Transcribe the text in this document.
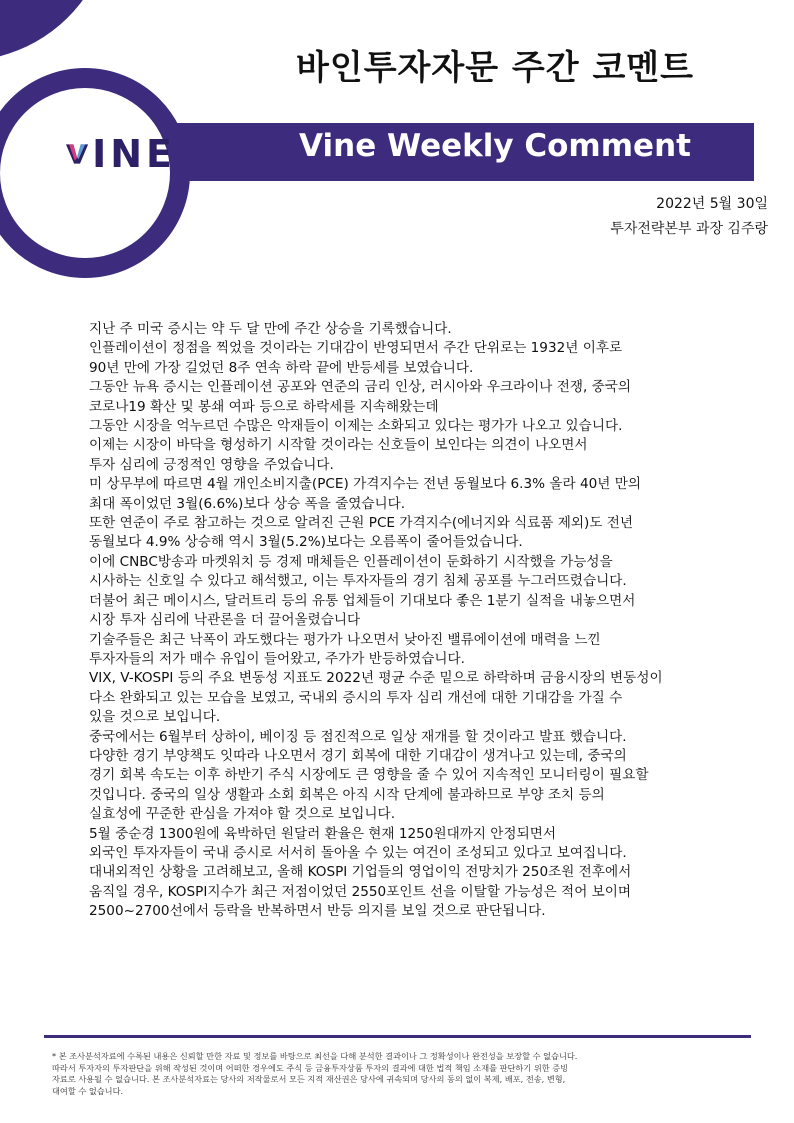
INE
바인투자자문 주간 코멘트
Vine Weekly Comment
2022년 5월 30일
투자전략본부 과장 김주랑

지난 주 미국 증시는 약 두 달 만에 주간 상승을 기록했습니다.

인플레이션이 정점을 찍었을 것이라는 기대감이 반영되면서 주간 단위로는 1932년 이후로

90년 만에 가장 길었던 8주 연속 하락 끝에 반등세를 보였습니다.

그동안 뉴욕 증시는 인플레이션 공포와 연준의 금리 인상, 러시아와 우크라이나 전쟁, 중국의

코로나19 확산 및 봉쇄 여파 등으로 하락세를 지속해왔는데

그동안 시장을 억누르던 수많은 악재들이 이제는 소화되고 있다는 평가가 나오고 있습니다.

이제는 시장이 바닥을 형성하기 시작할 것이라는 신호들이 보인다는 의견이 나오면서

투자 심리에 긍정적인 영향을 주었습니다.

미 상무부에 따르면 4월 개인소비지출(PCE) 가격지수는 전년 동월보다 6.3% 올라 40년 만의

최대 폭이었던 3월(6.6%)보다 상승 폭을 줄였습니다.

또한 연준이 주로 참고하는 것으로 알려진 근원 PCE 가격지수(에너지와 식료품 제외)도 전년

동월보다 4.9% 상승해 역시 3월(5.2%)보다는 오름폭이 줄어들었습니다.

이에 CNBC방송과 마켓워치 등 경제 매체들은 인플레이션이 둔화하기 시작했을 가능성을

시사하는 신호일 수 있다고 해석했고, 이는 투자자들의 경기 침체 공포를 누그러뜨렸습니다.

더불어 최근 메이시스, 달러트리 등의 유통 업체들이 기대보다 좋은 1분기 실적을 내놓으면서

시장 투자 심리에 낙관론을 더 끌어올렸습니다

기술주들은 최근 낙폭이 과도했다는 평가가 나오면서 낮아진 밸류에이션에 매력을 느낀

투자자들의 저가 매수 유입이 들어왔고, 주가가 반등하였습니다.

VIX, V-KOSPI 등의 주요 변동성 지표도 2022년 평균 수준 밑으로 하락하며 금융시장의 변동성이

다소 완화되고 있는 모습을 보였고, 국내외 증시의 투자 심리 개선에 대한 기대감을 가질 수

있을 것으로 보입니다.

중국에서는 6월부터 상하이, 베이징 등 점진적으로 일상 재개를 할 것이라고 발표 했습니다.

다양한 경기 부양책도 잇따라 나오면서 경기 회복에 대한 기대감이 생겨나고 있는데, 중국의

경기 회복 속도는 이후 하반기 주식 시장에도 큰 영향을 줄 수 있어 지속적인 모니터링이 필요할

것입니다. 중국의 일상 생활과 소회 회복은 아직 시작 단계에 불과하므로 부양 조치 등의

실효성에 꾸준한 관심을 가져야 할 것으로 보입니다.

5월 중순경 1300원에 육박하던 원달러 환율은 현재 1250원대까지 안정되면서

외국인 투자자들이 국내 증시로 서서히 돌아올 수 있는 여건이 조성되고 있다고 보여집니다.

대내외적인 상황을 고려해보고, 올해 KOSPI 기업들의 영업이익 전망치가 250조원 전후에서

움직일 경우, KOSPI지수가 최근 저점이었던 2550포인트 선을 이탈할 가능성은 적어 보이며

2500~2700선에서 등락을 반복하면서 반등 의지를 보일 것으로 판단됩니다.

* 본 조사분석자료에 수록된 내용은 신뢰할 만한 자료 및 정보를 바탕으로 최선을 다해 분석한 결과이나 그 정확성이나 완전성을 보장할 수 없습니다.

따라서 투자자의 투자판단을 위해 작성된 것이며 어떠한 경우에도 주식 등 금융투자상품 투자의 결과에 대한 법적 책임 소재를 판단하기 위한 증빙

자료로 사용될 수 없습니다. 본 조사분석자료는 당사의 저작물로서 모든 지적 재산권은 당사에 귀속되며 당사의 동의 없이 복제, 배포, 전송, 변형,

대여할 수 없습니다.
